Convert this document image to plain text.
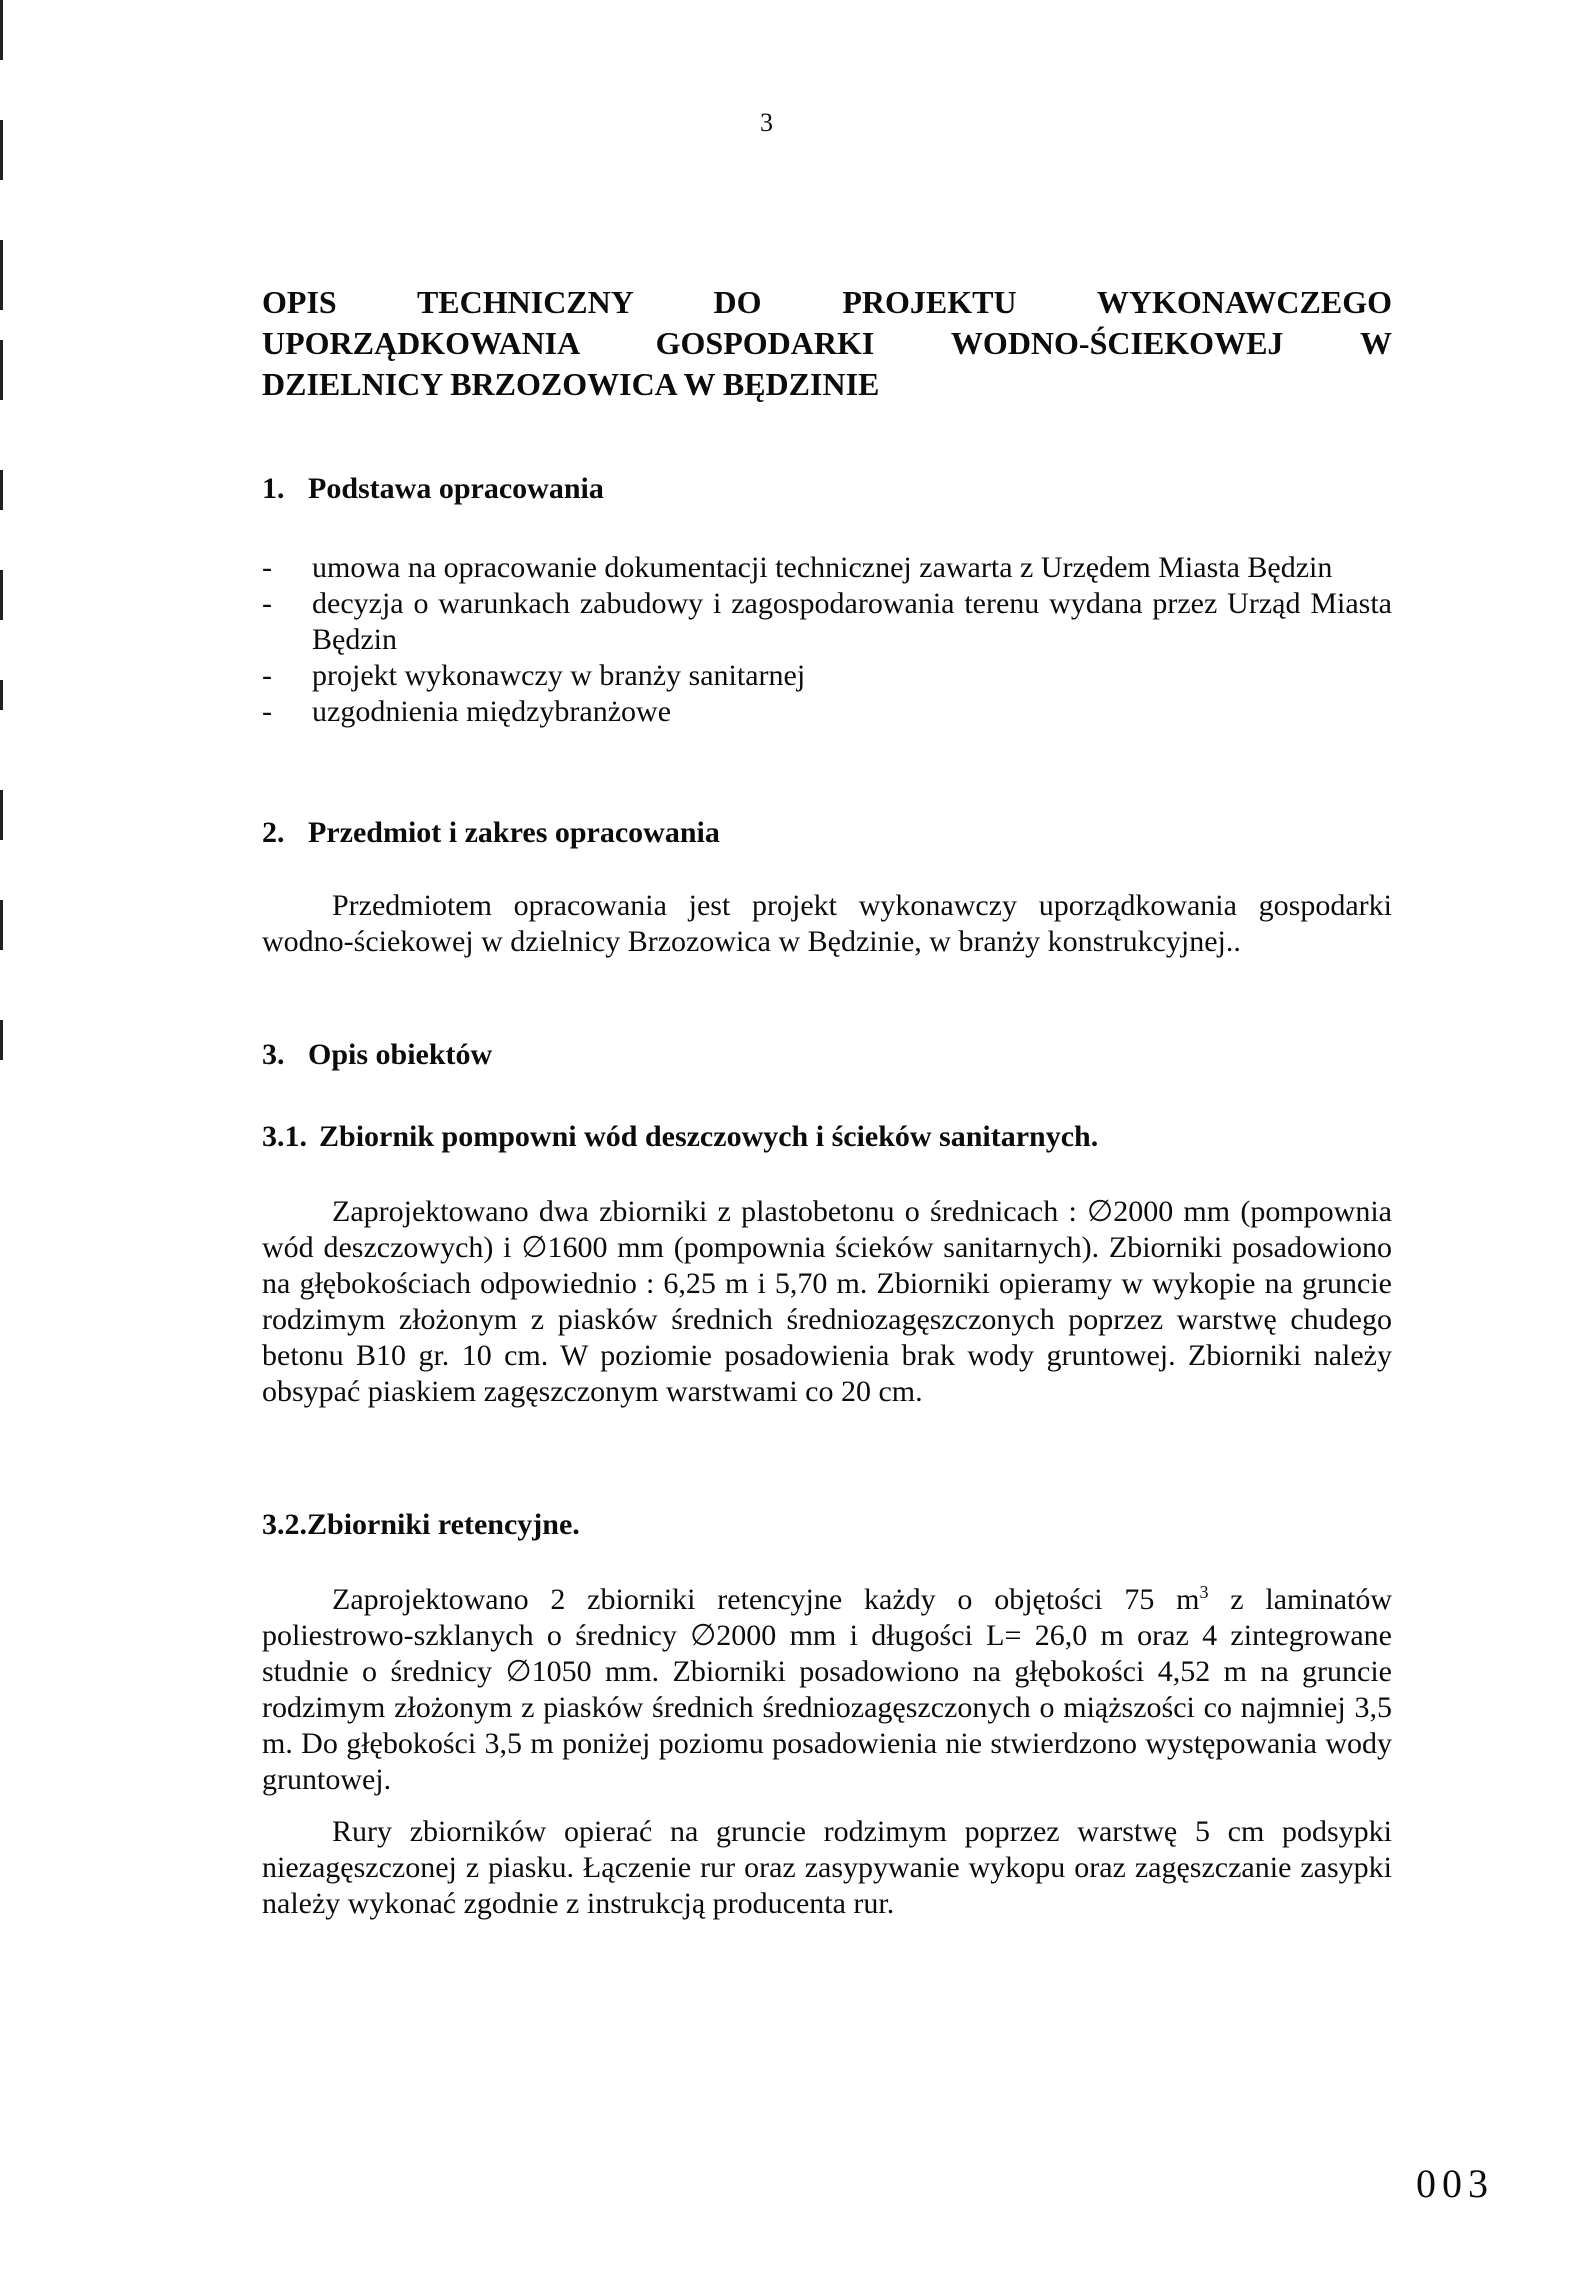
3
OPIS TECHNICZNY DO PROJEKTU WYKONAWCZEGO
UPORZĄDKOWANIA GOSPODARKI WODNO-ŚCIEKOWEJ W
DZIELNICY BRZOZOWICA W BĘDZINIE
1. Podstawa opracowania
- umowa na opracowanie dokumentacji technicznej zawarta z Urzędem Miasta Będzin
- decyzja o warunkach zabudowy i zagospodarowania terenu wydana przez Urząd Miasta Będzin
- projekt wykonawczy w branży sanitarnej
- uzgodnienia międzybranżowe
2. Przedmiot i zakres opracowania

Przedmiotem opracowania jest projekt wykonawczy uporządkowania gospodarki wodno-ściekowej w dzielnicy Brzozowica w Będzinie, w branży konstrukcyjnej..

3. Opis obiektów
3.1. Zbiornik pompowni wód deszczowych i ścieków sanitarnych.

Zaprojektowano dwa zbiorniki z plastobetonu o średnicach : ∅2000 mm (pompownia wód deszczowych) i ∅1600 mm (pompownia ścieków sanitarnych). Zbiorniki posadowiono na głębokościach odpowiednio : 6,25 m i 5,70 m. Zbiorniki opieramy w wykopie na gruncie rodzimym złożonym z piasków średnich średniozagęszczonych poprzez warstwę chudego betonu B10 gr. 10 cm. W poziomie posadowienia brak wody gruntowej. Zbiorniki należy obsypać piaskiem zagęszczonym warstwami co 20 cm.

3.2.Zbiorniki retencyjne.

Zaprojektowano 2 zbiorniki retencyjne każdy o objętości 75 $m^3$ z laminatów poliestrowo-szklanych o średnicy ∅2000 mm i długości L= 26,0 m oraz 4 zintegrowane studnie o średnicy ∅1050 mm. Zbiorniki posadowiono na głębokości 4,52 m na gruncie rodzimym złożonym z piasków średnich średniozagęszczonych o miąższości co najmniej 3,5 m. Do głębokości 3,5 m poniżej poziomu posadowienia nie stwierdzono występowania wody gruntowej.

Rury zbiorników opierać na gruncie rodzimym poprzez warstwę 5 cm podsypki niezagęszczonej z piasku. Łączenie rur oraz zasypywanie wykopu oraz zagęszczanie zasypki należy wykonać zgodnie z instrukcją producenta rur.

003
